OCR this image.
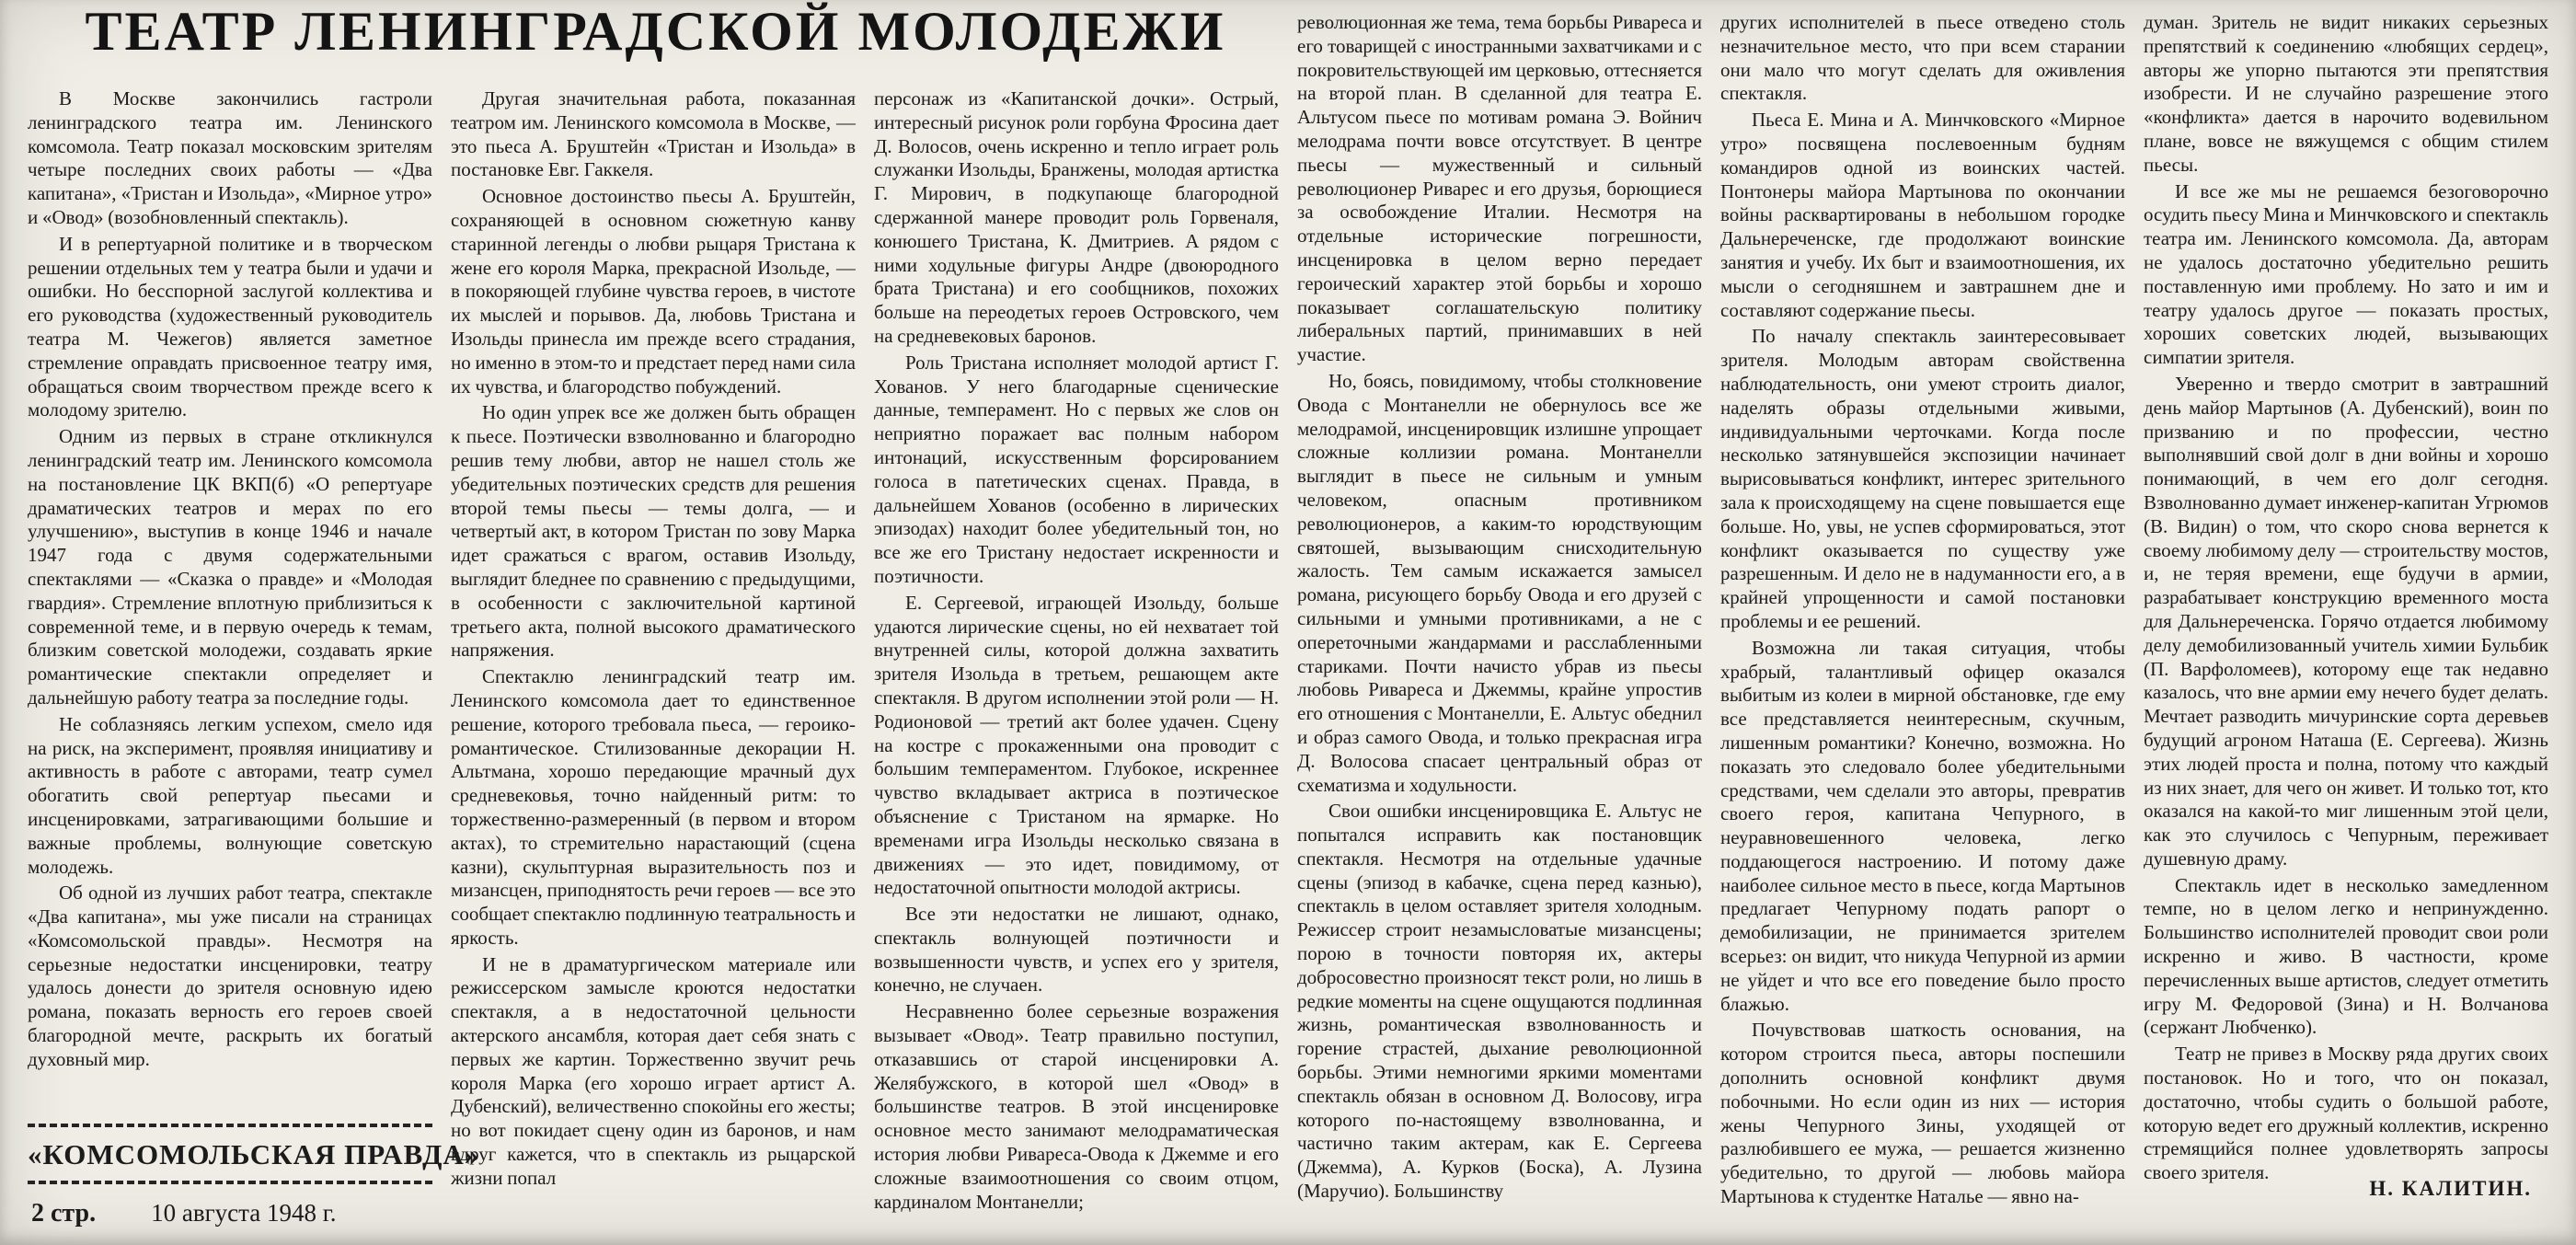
ТЕАТР ЛЕНИНГРАДСКОЙ МОЛОДЕЖИ

В Москве закончились гастроли ленинградского театра им. Ленинского комсомола. Театр показал московским зрителям четыре последних своих работы — «Два капитана», «Тристан и Изольда», «Мирное утро» и «Овод» (возобновленный спектакль).

И в репертуарной политике и в творческом решении отдельных тем у театра были и удачи и ошибки. Но бесспорной заслугой коллектива и его руководства (художественный руководитель театра М. Чежегов) является заметное стремление оправдать присвоенное театру имя, обращаться своим творчеством прежде всего к молодому зрителю.

Одним из первых в стране откликнулся ленинградский театр им. Ленинского комсомола на постановление ЦК ВКП(б) «О репертуаре драматических театров и мерах по его улучшению», выступив в конце 1946 и начале 1947 года с двумя содержательными спектаклями — «Сказка о правде» и «Молодая гвардия». Стремление вплотную приблизиться к современной теме, и в первую очередь к темам, близким советской молодежи, создавать яркие романтические спектакли определяет и дальнейшую работу театра за последние годы.

Не соблазняясь легким успехом, смело идя на риск, на эксперимент, проявляя инициативу и активность в работе с авторами, театр сумел обогатить свой репертуар пьесами и инсценировками, затрагивающими большие и важные проблемы, волнующие советскую молодежь.

Об одной из лучших работ театра, спектакле «Два капитана», мы уже писали на страницах «Комсомольской правды». Несмотря на серьезные недостатки инсценировки, театру удалось донести до зрителя основную идею романа, показать верность его героев своей благородной мечте, раскрыть их богатый духовный мир.

Другая значительная работа, показанная театром им. Ленинского комсомола в Москве, — это пьеса А. Бруштейн «Тристан и Изольда» в постановке Евг. Гаккеля.

Основное достоинство пьесы А. Бруштейн, сохраняющей в основном сюжетную канву старинной легенды о любви рыцаря Тристана к жене его короля Марка, прекрасной Изольде, — в покоряющей глубине чувства героев, в чистоте их мыслей и порывов. Да, любовь Тристана и Изольды принесла им прежде всего страдания, но именно в этом-то и предстает перед нами сила их чувства, и благородство побуждений.

Но один упрек все же должен быть обращен к пьесе. Поэтически взволнованно и благородно решив тему любви, автор не нашел столь же убедительных поэтических средств для решения второй темы пьесы — темы долга, — и четвертый акт, в котором Тристан по зову Марка идет сражаться с врагом, оставив Изольду, выглядит бледнее по сравнению с предыдущими, в особенности с заключительной картиной третьего акта, полной высокого драматического напряжения.

Спектаклю ленинградский театр им. Ленинского комсомола дает то единственное решение, которого требовала пьеса, — героико-романтическое. Стилизованные декорации Н. Альтмана, хорошо передающие мрачный дух средневековья, точно найденный ритм: то торжественно-размеренный (в первом и втором актах), то стремительно нарастающий (сцена казни), скульптурная выразительность поз и мизансцен, приподнятость речи героев — все это сообщает спектаклю подлинную театральность и яркость.

И не в драматургическом материале или режиссерском замысле кроются недостатки спектакля, а в недостаточной цельности актерского ансамбля, которая дает себя знать с первых же картин. Торжественно звучит речь короля Марка (его хорошо играет артист А. Дубенский), величественно спокойны его жесты; но вот покидает сцену один из баронов, и нам вдруг кажется, что в спектакль из рыцарской жизни попал

персонаж из «Капитанской дочки». Острый, интересный рисунок роли горбуна Фросина дает Д. Волосов, очень искренно и тепло играет роль служанки Изольды, Бранжены, молодая артистка Г. Мирович, в подкупающе благородной сдержанной манере проводит роль Горвеналя, конюшего Тристана, К. Дмитриев. А рядом с ними ходульные фигуры Андре (двоюродного брата Тристана) и его сообщников, похожих больше на переодетых героев Островского, чем на средневековых баронов.

Роль Тристана исполняет молодой артист Г. Хованов. У него благодарные сценические данные, темперамент. Но с первых же слов он неприятно поражает вас полным набором интонаций, искусственным форсированием голоса в патетических сценах. Правда, в дальнейшем Хованов (особенно в лирических эпизодах) находит более убедительный тон, но все же его Тристану недостает искренности и поэтичности.

Е. Сергеевой, играющей Изольду, больше удаются лирические сцены, но ей нехватает той внутренней силы, которой должна захватить зрителя Изольда в третьем, решающем акте спектакля. В другом исполнении этой роли — Н. Родионовой — третий акт более удачен. Сцену на костре с прокаженными она проводит с большим темпераментом. Глубокое, искреннее чувство вкладывает актриса в поэтическое объяснение с Тристаном на ярмарке. Но временами игра Изольды несколько связана в движениях — это идет, повидимому, от недостаточной опытности молодой актрисы.

Все эти недостатки не лишают, однако, спектакль волнующей поэтичности и возвышенности чувств, и успех его у зрителя, конечно, не случаен.

Несравненно более серьезные возражения вызывает «Овод». Театр правильно поступил, отказавшись от старой инсценировки А. Желябужского, в которой шел «Овод» в большинстве театров. В этой инсценировке основное место занимают мелодраматическая история любви Ривареса-Овода к Джемме и его сложные взаимоотношения со своим отцом, кардиналом Монтанелли;

революционная же тема, тема борьбы Ривареса и его товарищей с иностранными захватчиками и с покровительствующей им церковью, оттесняется на второй план. В сделанной для театра Е. Альтусом пьесе по мотивам романа Э. Войнич мелодрама почти вовсе отсутствует. В центре пьесы — мужественный и сильный революционер Риварес и его друзья, борющиеся за освобождение Италии. Несмотря на отдельные исторические погрешности, инсценировка в целом верно передает героический характер этой борьбы и хорошо показывает соглашательскую политику либеральных партий, принимавших в ней участие.

Но, боясь, повидимому, чтобы столкновение Овода с Монтанелли не обернулось все же мелодрамой, инсценировщик излишне упрощает сложные коллизии романа. Монтанелли выглядит в пьесе не сильным и умным человеком, опасным противником революционеров, а каким-то юродствующим святошей, вызывающим снисходительную жалость. Тем самым искажается замысел романа, рисующего борьбу Овода и его друзей с сильными и умными противниками, а не с опереточными жандармами и расслабленными стариками. Почти начисто убрав из пьесы любовь Ривареса и Джеммы, крайне упростив его отношения с Монтанелли, Е. Альтус обеднил и образ самого Овода, и только прекрасная игра Д. Волосова спасает центральный образ от схематизма и ходульности.

Свои ошибки инсценировщика Е. Альтус не попытался исправить как постановщик спектакля. Несмотря на отдельные удачные сцены (эпизод в кабачке, сцена перед казнью), спектакль в целом оставляет зрителя холодным. Режиссер строит незамысловатые мизансцены; порою в точности повторяя их, актеры добросовестно произносят текст роли, но лишь в редкие моменты на сцене ощущаются подлинная жизнь, романтическая взволнованность и горение страстей, дыхание революционной борьбы. Этими немногими яркими моментами спектакль обязан в основном Д. Волосову, игра которого по-настоящему взволнованна, и частично таким актерам, как Е. Сергеева (Джемма), А. Курков (Боска), А. Лузина (Маручио). Большинству

других исполнителей в пьесе отведено столь незначительное место, что при всем старании они мало что могут сделать для оживления спектакля.

Пьеса Е. Мина и А. Минчковского «Мирное утро» посвящена послевоенным будням командиров одной из воинских частей. Понтонеры майора Мартынова по окончании войны расквартированы в небольшом городке Дальнереченске, где продолжают воинские занятия и учебу. Их быт и взаимоотношения, их мысли о сегодняшнем и завтрашнем дне и составляют содержание пьесы.

По началу спектакль заинтересовывает зрителя. Молодым авторам свойственна наблюдательность, они умеют строить диалог, наделять образы отдельными живыми, индивидуальными черточками. Когда после несколько затянувшейся экспозиции начинает вырисовываться конфликт, интерес зрительного зала к происходящему на сцене повышается еще больше. Но, увы, не успев сформироваться, этот конфликт оказывается по существу уже разрешенным. И дело не в надуманности его, а в крайней упрощенности и самой постановки проблемы и ее решений.

Возможна ли такая ситуация, чтобы храбрый, талантливый офицер оказался выбитым из колеи в мирной обстановке, где ему все представляется неинтересным, скучным, лишенным романтики? Конечно, возможна. Но показать это следовало более убедительными средствами, чем сделали это авторы, превратив своего героя, капитана Чепурного, в неуравновешенного человека, легко поддающегося настроению. И потому даже наиболее сильное место в пьесе, когда Мартынов предлагает Чепурному подать рапорт о демобилизации, не принимается зрителем всерьез: он видит, что никуда Чепурной из армии не уйдет и что все его поведение было просто блажью.

Почувствовав шаткость основания, на котором строится пьеса, авторы поспешили дополнить основной конфликт двумя побочными. Но если один из них — история жены Чепурного Зины, уходящей от разлюбившего ее мужа, — решается жизненно убедительно, то другой — любовь майора Мартынова к студентке Наталье — явно на-

думан. Зритель не видит никаких серьезных препятствий к соединению «любящих сердец», авторы же упорно пытаются эти препятствия изобрести. И не случайно разрешение этого «конфликта» дается в нарочито водевильном плане, вовсе не вяжущемся с общим стилем пьесы.

И все же мы не решаемся безоговорочно осудить пьесу Мина и Минчковского и спектакль театра им. Ленинского комсомола. Да, авторам не удалось достаточно убедительно решить поставленную ими проблему. Но зато и им и театру удалось другое — показать простых, хороших советских людей, вызывающих симпатии зрителя.

Уверенно и твердо смотрит в завтрашний день майор Мартынов (А. Дубенский), воин по призванию и по профессии, честно выполнявший свой долг в дни войны и хорошо понимающий, в чем его долг сегодня. Взволнованно думает инженер-капитан Угрюмов (В. Видин) о том, что скоро снова вернется к своему любимому делу — строительству мостов, и, не теряя времени, еще будучи в армии, разрабатывает конструкцию временного моста для Дальнереченска. Горячо отдается любимому делу демобилизованный учитель химии Бульбик (П. Варфоломеев), которому еще так недавно казалось, что вне армии ему нечего будет делать. Мечтает разводить мичуринские сорта деревьев будущий агроном Наташа (Е. Сергеева). Жизнь этих людей проста и полна, потому что каждый из них знает, для чего он живет. И только тот, кто оказался на какой-то миг лишенным этой цели, как это случилось с Чепурным, переживает душевную драму.

Спектакль идет в несколько замедленном темпе, но в целом легко и непринужденно. Большинство исполнителей проводит свои роли искренно и живо. В частности, кроме перечисленных выше артистов, следует отметить игру М. Федоровой (Зина) и Н. Волчанова (сержант Любченко).

Театр не привез в Москву ряда других своих постановок. Но и того, что он показал, достаточно, чтобы судить о большой работе, которую ведет его дружный коллектив, искренно стремящийся полнее удовлетворять запросы своего зрителя.

«КОМСОМОЛЬСКАЯ ПРАВДА»
2 стр. 10 августа 1948 г.
Н. КАЛИТИН.
